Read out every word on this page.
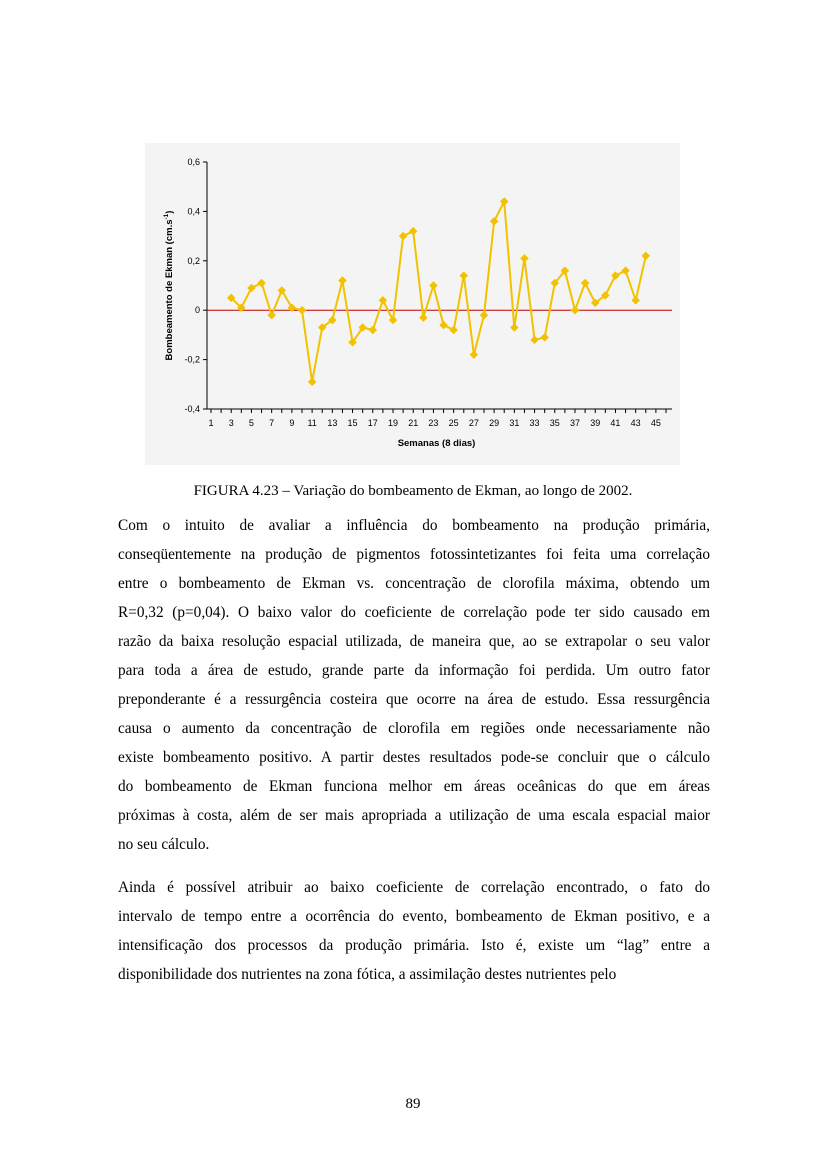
0,6
0,4
0,2
0
-0,2
-0,4
1 3 5 7 9 11 13 15 17 19 21 23 25 27 29 31 33 35 37 39 41 43 45
Semanas (8 dias)
Bombeamento de Ekman $(cm.s^{-1})$
FIGURA 4.23 – Variação do bombeamento de Ekman, ao longo de 2002.
Com o intuito de avaliar a influência do bombeamento na produção primária,
conseqüentemente na produção de pigmentos fotossintetizantes foi feita uma correlação
entre o bombeamento de Ekman vs. concentração de clorofila máxima, obtendo um
R=0,32 (p=0,04). O baixo valor do coeficiente de correlação pode ter sido causado em
razão da baixa resolução espacial utilizada, de maneira que, ao se extrapolar o seu valor
para toda a área de estudo, grande parte da informação foi perdida. Um outro fator
preponderante é a ressurgência costeira que ocorre na área de estudo. Essa ressurgência
causa o aumento da concentração de clorofila em regiões onde necessariamente não
existe bombeamento positivo. A partir destes resultados pode-se concluir que o cálculo
do bombeamento de Ekman funciona melhor em áreas oceânicas do que em áreas
próximas à costa, além de ser mais apropriada a utilização de uma escala espacial maior
no seu cálculo.
Ainda é possível atribuir ao baixo coeficiente de correlação encontrado, o fato do
intervalo de tempo entre a ocorrência do evento, bombeamento de Ekman positivo, e a
intensificação dos processos da produção primária. Isto é, existe um “lag” entre a
disponibilidade dos nutrientes na zona fótica, a assimilação destes nutrientes pelo
89
